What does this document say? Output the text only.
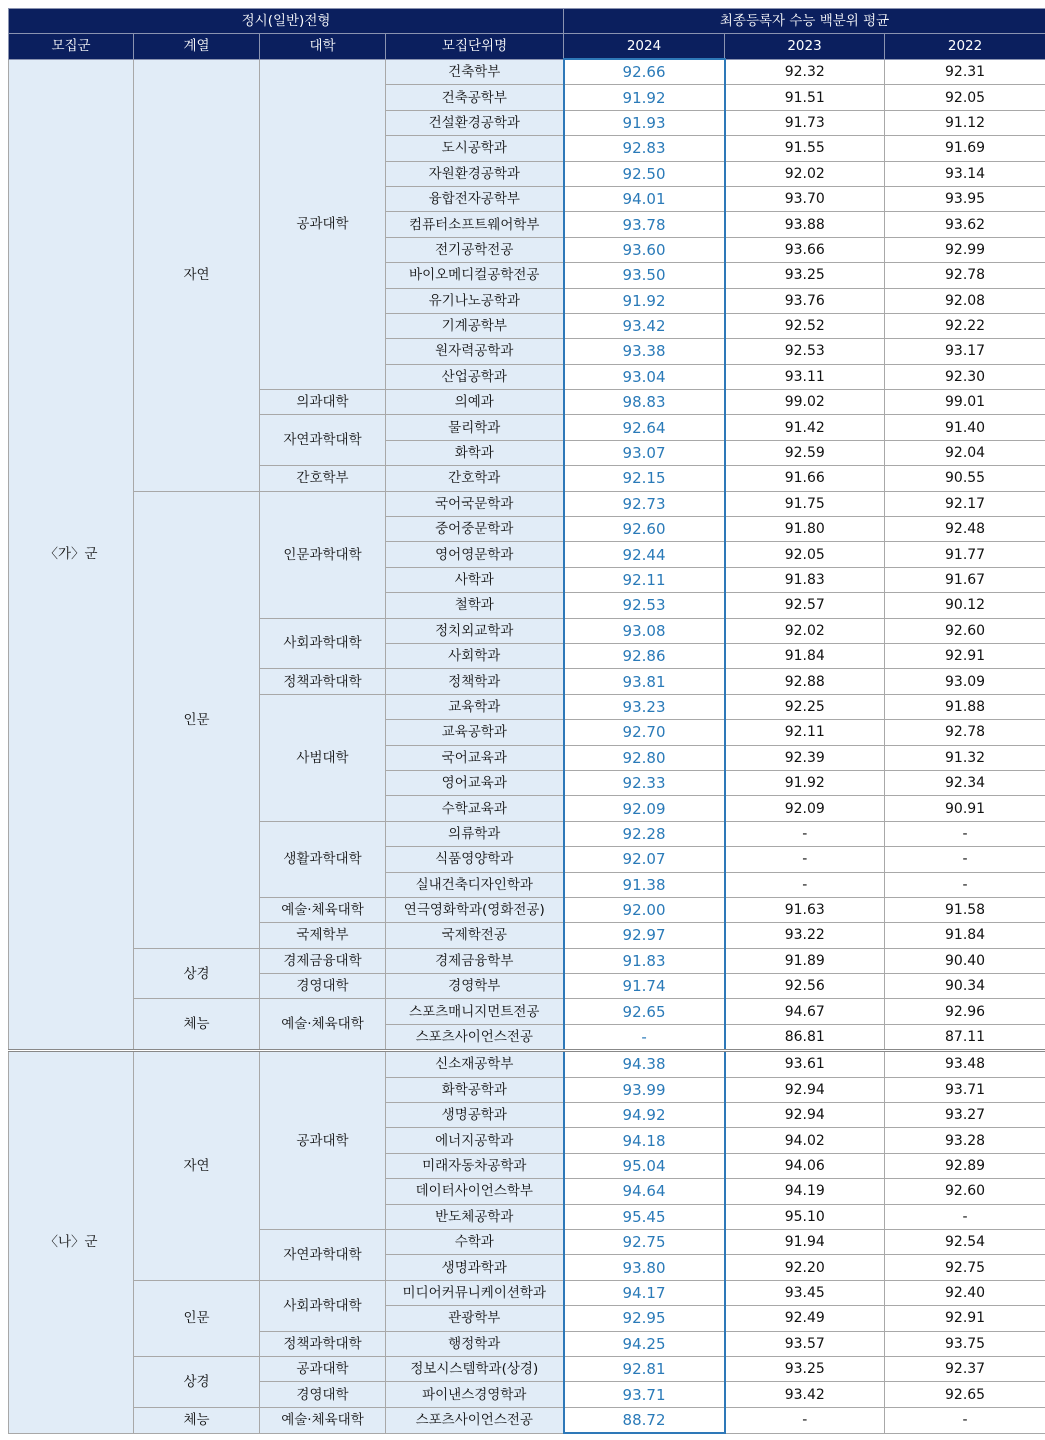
정시(일반)전형				최종등록자 수능 백분위 평균		
모집군	계열	대학	모집단위명	2024	2023	2022
〈가〉군	자연	공과대학	건축학부	92.66	92.32	92.31
			건축공학부	91.92	91.51	92.05
			건설환경공학과	91.93	91.73	91.12
			도시공학과	92.83	91.55	91.69
			자원환경공학과	92.50	92.02	93.14
			융합전자공학부	94.01	93.70	93.95
			컴퓨터소프트웨어학부	93.78	93.88	93.62
			전기공학전공	93.60	93.66	92.99
			바이오메디컬공학전공	93.50	93.25	92.78
			유기나노공학과	91.92	93.76	92.08
			기계공학부	93.42	92.52	92.22
			원자력공학과	93.38	92.53	93.17
			산업공학과	93.04	93.11	92.30
		의과대학	의예과	98.83	99.02	99.01
		자연과학대학	물리학과	92.64	91.42	91.40
			화학과	93.07	92.59	92.04
		간호학부	간호학과	92.15	91.66	90.55
	인문	인문과학대학	국어국문학과	92.73	91.75	92.17
			중어중문학과	92.60	91.80	92.48
			영어영문학과	92.44	92.05	91.77
			사학과	92.11	91.83	91.67
			철학과	92.53	92.57	90.12
		사회과학대학	정치외교학과	93.08	92.02	92.60
			사회학과	92.86	91.84	92.91
		정책과학대학	정책학과	93.81	92.88	93.09
		사범대학	교육학과	93.23	92.25	91.88
			교육공학과	92.70	92.11	92.78
			국어교육과	92.80	92.39	91.32
			영어교육과	92.33	91.92	92.34
			수학교육과	92.09	92.09	90.91
		생활과학대학	의류학과	92.28	-	-
			식품영양학과	92.07	-	-
			실내건축디자인학과	91.38	-	-
		예술·체육대학	연극영화학과(영화전공)	92.00	91.63	91.58
		국제학부	국제학전공	92.97	93.22	91.84
	상경	경제금융대학	경제금융학부	91.83	91.89	90.40
		경영대학	경영학부	91.74	92.56	90.34
	체능	예술·체육대학	스포츠매니지먼트전공	92.65	94.67	92.96
			스포츠사이언스전공	-	86.81	87.11
〈나〉군	자연	공과대학	신소재공학부	94.38	93.61	93.48
			화학공학과	93.99	92.94	93.71
			생명공학과	94.92	92.94	93.27
			에너지공학과	94.18	94.02	93.28
			미래자동차공학과	95.04	94.06	92.89
			데이터사이언스학부	94.64	94.19	92.60
			반도체공학과	95.45	95.10	-
		자연과학대학	수학과	92.75	91.94	92.54
			생명과학과	93.80	92.20	92.75
	인문	사회과학대학	미디어커뮤니케이션학과	94.17	93.45	92.40
			관광학부	92.95	92.49	92.91
		정책과학대학	행정학과	94.25	93.57	93.75
	상경	공과대학	정보시스템학과(상경)	92.81	93.25	92.37
		경영대학	파이낸스경영학과	93.71	93.42	92.65
	체능	예술·체육대학	스포츠사이언스전공	88.72	-	-
